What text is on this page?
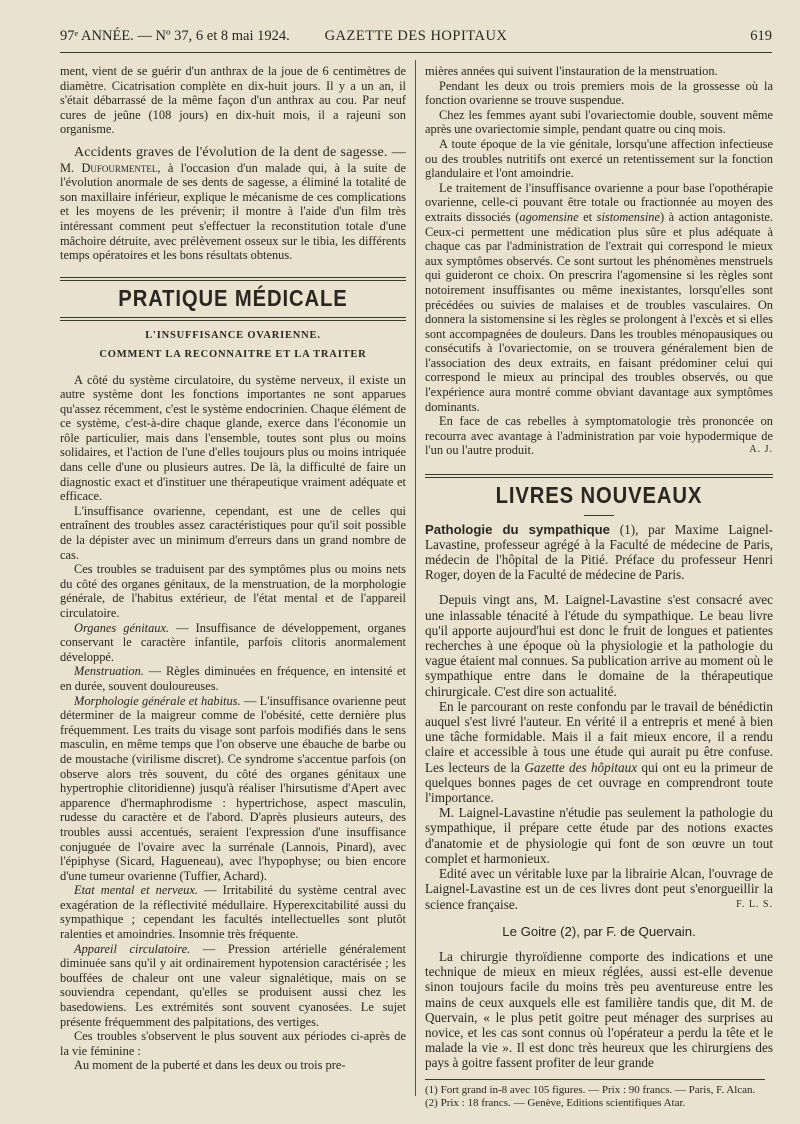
97ᵉ ANNÉE. — Nº 37, 6 et 8 mai 1924.	GAZETTE DES HOPITAUX	619

ment, vient de se guérir d'un anthrax de la joue de 6 centimètres de diamètre. Cicatrisation complète en dix-huit jours. Il y a un an, il s'était débarrassé de la même façon d'un anthrax au cou. Par neuf cures de jeûne (108 jours) en dix-huit mois, il a rajeuni son organisme.

Accidents graves de l'évolution de la dent de sagesse. — M. Dufourmentel, à l'occasion d'un malade qui, à la suite de l'évolution anormale de ses dents de sagesse, a éliminé la totalité de son maxillaire inférieur, explique le mécanisme de ces complications et les moyens de les prévenir; il montre à l'aide d'un film très intéressant comment peut s'effectuer la reconstitution totale d'une mâchoire détruite, avec prélèvement osseux sur le tibia, les différents temps opératoires et les bons résultats obtenus.

PRATIQUE MÉDICALE
L'INSUFFISANCE OVARIENNE.
COMMENT LA RECONNAITRE ET LA TRAITER

A côté du système circulatoire, du système nerveux, il existe un autre système dont les fonctions importantes ne sont apparues qu'assez récemment, c'est le système endocrinien. Chaque élément de ce système, c'est-à-dire chaque glande, exerce dans l'économie un rôle particulier, mais dans l'ensemble, toutes sont plus ou moins solidaires, et l'action de l'une d'elles toujours plus ou moins intriquée dans celle d'une ou plusieurs autres. De là, la difficulté de faire un diagnostic exact et d'instituer une thérapeutique vraiment adéquate et efficace.

L'insuffisance ovarienne, cependant, est une de celles qui entraînent des troubles assez caractéristiques pour qu'il soit possible de la dépister avec un minimum d'erreurs dans un grand nombre de cas.

Ces troubles se traduisent par des symptômes plus ou moins nets du côté des organes génitaux, de la menstruation, de la morphologie générale, de l'habitus extérieur, de l'état mental et de l'appareil circulatoire.

Organes génitaux. — Insuffisance de développement, organes conservant le caractère infantile, parfois clitoris anormalement développé.

Menstruation. — Règles diminuées en fréquence, en intensité et en durée, souvent douloureuses.

Morphologie générale et habitus. — L'insuffisance ovarienne peut déterminer de la maigreur comme de l'obésité, cette dernière plus fréquemment. Les traits du visage sont parfois modifiés dans le sens masculin, en même temps que l'on observe une ébauche de barbe ou de moustache (virilisme discret). Ce syndrome s'accentue parfois (on observe alors très souvent, du côté des organes génitaux une hypertrophie clitoridienne) jusqu'à réaliser l'hirsutisme d'Apert avec apparence d'hermaphrodisme : hypertrichose, aspect masculin, rudesse du caractère et de l'abord. D'après plusieurs auteurs, des troubles aussi accentués, seraient l'expression d'une insuffisance conjuguée de l'ovaire avec la surrénale (Lannois, Pinard), avec l'épiphyse (Sicard, Hagueneau), avec l'hypophyse; ou bien encore d'une tumeur ovarienne (Tuffier, Achard).

Etat mental et nerveux. — Irritabilité du système central avec exagération de la réflectivité médullaire. Hyperexcitabilité aussi du sympathique ; cependant les facultés intellectuelles sont plutôt ralenties et amoindries. Insomnie très fréquente.

Appareil circulatoire. — Pression artérielle généralement diminuée sans qu'il y ait ordinairement hypotension caractérisée ; les bouffées de chaleur ont une valeur signalétique, mais on se souviendra cependant, qu'elles se produisent aussi chez les basedowiens. Les extrémités sont souvent cyanosées. Le sujet présente fréquemment des palpitations, des vertiges.

Ces troubles s'observent le plus souvent aux périodes ci-après de la vie féminine :

Au moment de la puberté et dans les deux ou trois pre-

mières années qui suivent l'instauration de la menstruation.

Pendant les deux ou trois premiers mois de la grossesse où la fonction ovarienne se trouve suspendue.

Chez les femmes ayant subi l'ovariectomie double, souvent même après une ovariectomie simple, pendant quatre ou cinq mois.

A toute époque de la vie génitale, lorsqu'une affection infectieuse ou des troubles nutritifs ont exercé un retentissement sur la fonction glandulaire et l'ont amoindrie.

Le traitement de l'insuffisance ovarienne a pour base l'opothérapie ovarienne, celle-ci pouvant être totale ou fractionnée au moyen des extraits dissociés (agomensine et sistomensine) à action antagoniste. Ceux-ci permettent une médication plus sûre et plus adéquate à chaque cas par l'administration de l'extrait qui correspond le mieux aux symptômes observés. Ce sont surtout les phénomènes menstruels qui guideront ce choix. On prescrira l'agomensine si les règles sont notoirement insuffisantes ou même inexistantes, lorsqu'elles sont précédées ou suivies de malaises et de troubles vasculaires. On donnera la sistomensine si les règles se prolongent à l'excès et si elles sont accompagnées de douleurs. Dans les troubles ménopausiques ou consécutifs à l'ovariectomie, on se trouvera généralement bien de l'association des deux extraits, en faisant prédominer celui qui correspond le mieux au principal des troubles observés, ou que l'expérience aura montré comme obviant davantage aux symptômes dominants.

En face de cas rebelles à symptomatologie très prononcée on recourra avec avantage à l'administration par voie hypodermique de l'un ou l'autre produit.	A. J.

LIVRES NOUVEAUX

Pathologie du sympathique (1), par Maxime Laignel-Lavastine, professeur agrégé à la Faculté de médecine de Paris, médecin de l'hôpital de la Pitié. Préface du professeur Henri Roger, doyen de la Faculté de médecine de Paris.

Depuis vingt ans, M. Laignel-Lavastine s'est consacré avec une inlassable ténacité à l'étude du sympathique. Le beau livre qu'il apporte aujourd'hui est donc le fruit de longues et patientes recherches à une époque où la physiologie et la pathologie du vague étaient mal connues. Sa publication arrive au moment où le sympathique entre dans le domaine de la thérapeutique chirurgicale. C'est dire son actualité.

En le parcourant on reste confondu par le travail de bénédictin auquel s'est livré l'auteur. En vérité il a entrepris et mené à bien une tâche formidable. Mais il a fait mieux encore, il a rendu claire et accessible à tous une étude qui aurait pu être confuse. Les lecteurs de la Gazette des hôpitaux qui ont eu la primeur de quelques bonnes pages de cet ouvrage en comprendront toute l'importance.

M. Laignel-Lavastine n'étudie pas seulement la pathologie du sympathique, il prépare cette étude par des notions exactes d'anatomie et de physiologie qui font de son œuvre un tout complet et harmonieux.

Edité avec un véritable luxe par la librairie Alcan, l'ouvrage de Laignel-Lavastine est un de ces livres dont peut s'enorgueillir la science française.	F. L. S.

Le Goitre (2), par F. de Quervain.

La chirurgie thyroïdienne comporte des indications et une technique de mieux en mieux réglées, aussi est-elle devenue sinon toujours facile du moins très peu aventureuse entre les mains de ceux auxquels elle est familière tandis que, dit M. de Quervain, « le plus petit goitre peut ménager des surprises au novice, et les cas sont connus où l'opérateur a perdu la tête et le malade la vie ». Il est donc très heureux que les chirurgiens des pays à goitre fassent profiter de leur grande

(1) Fort grand in-8 avec 105 figures. — Prix : 90 francs. — Paris, F. Alcan.
(2) Prix : 18 francs. — Genève, Editions scientifiques Atar.
